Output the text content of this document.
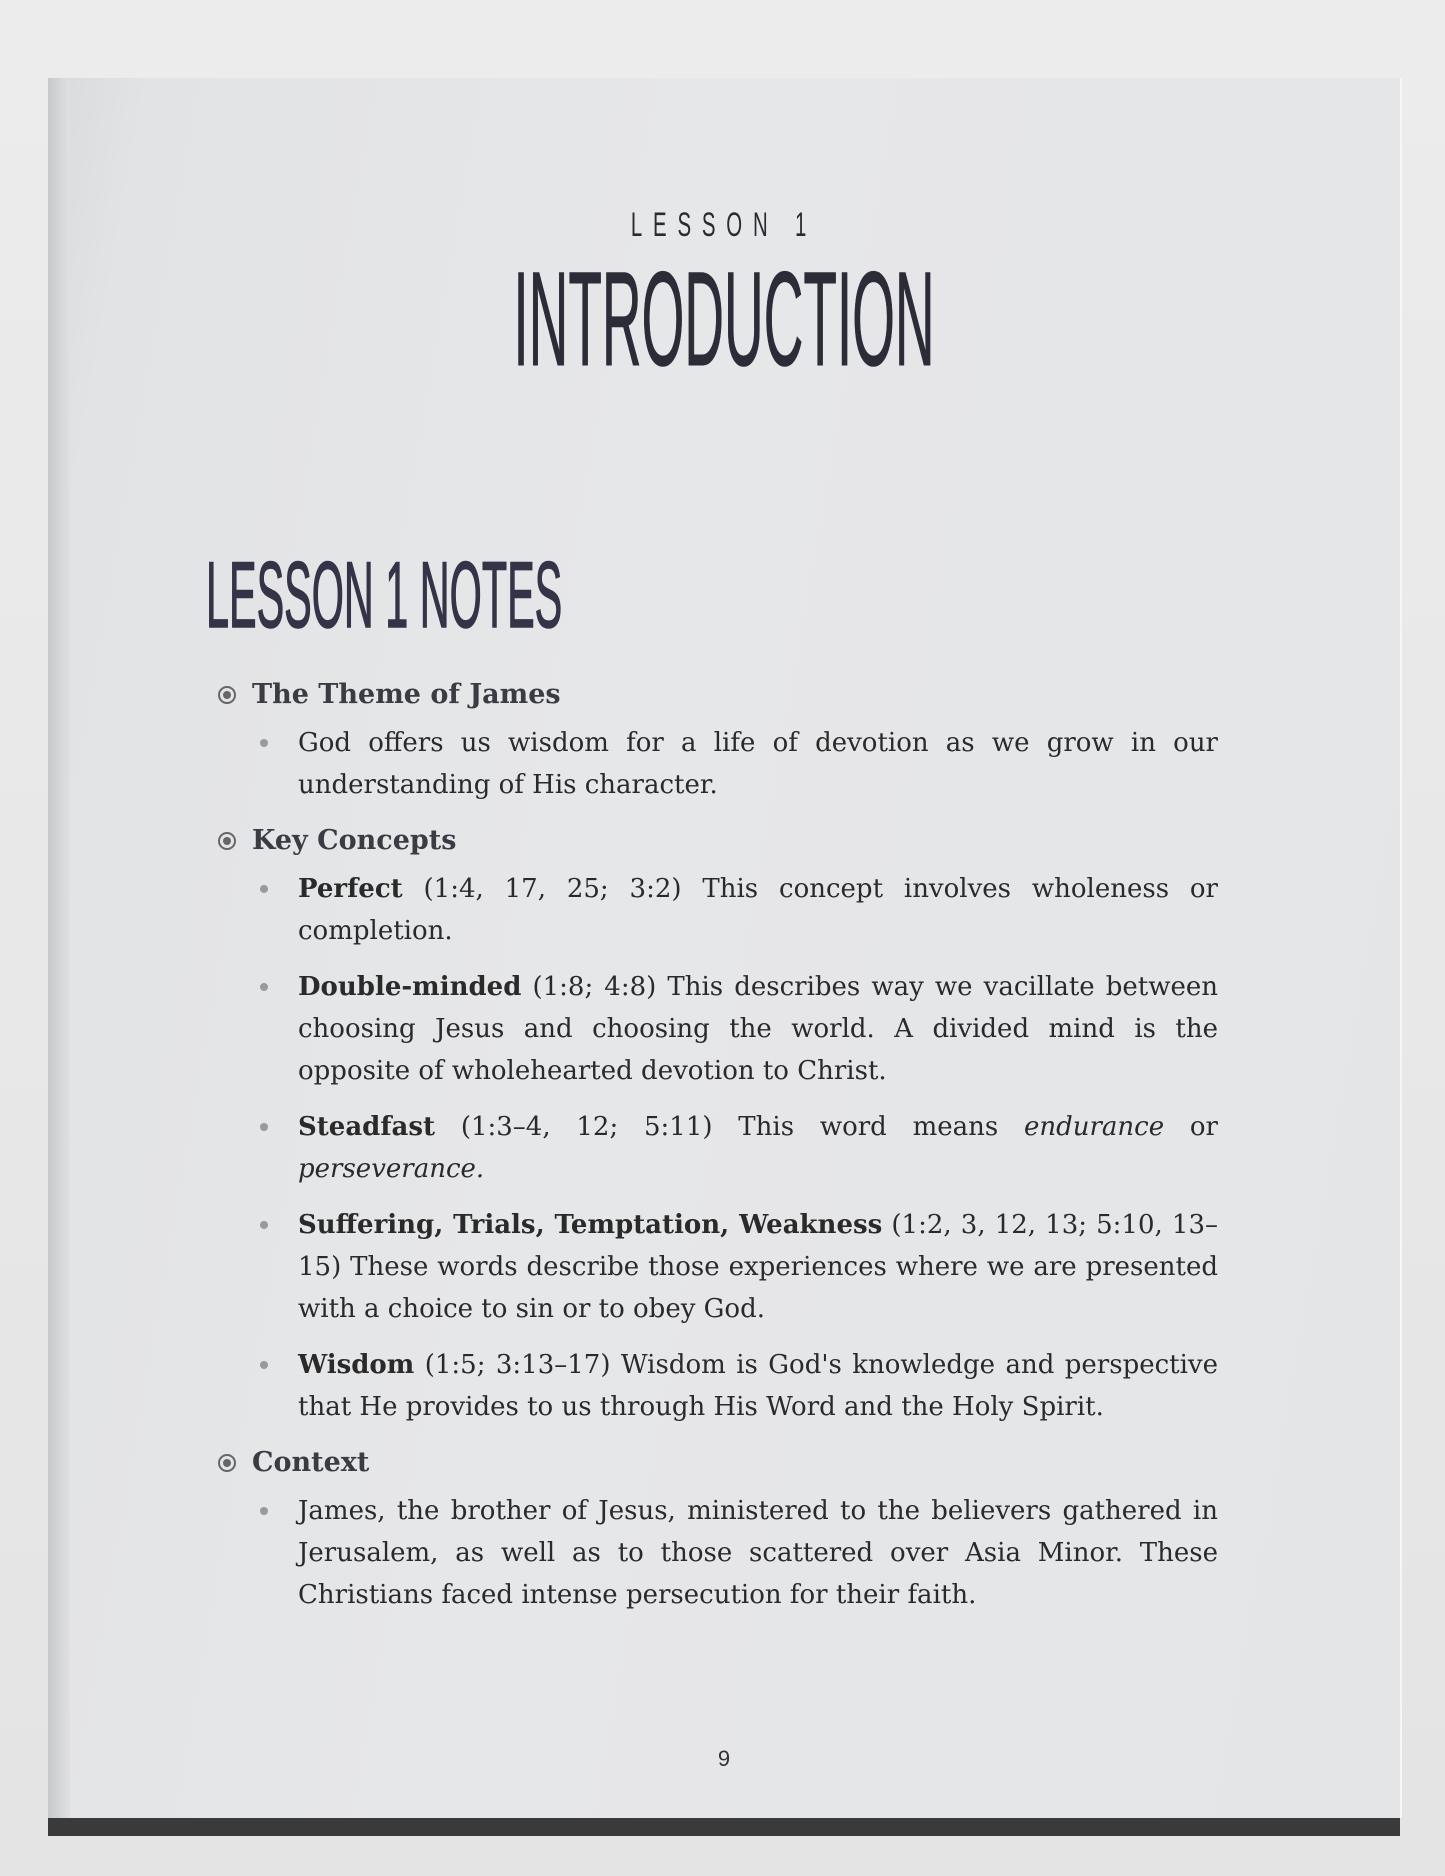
LESSON 1
INTRODUCTION
LESSON 1 NOTES
The Theme of James
God offers us wisdom for a life of devotion as we grow in our understanding of His character.
Key Concepts
Perfect (1:4, 17, 25; 3:2) This concept involves wholeness or completion.
Double-minded (1:8; 4:8) This describes way we vacillate between choosing Jesus and choosing the world. A divided mind is the opposite of wholehearted devotion to Christ.
Steadfast (1:3–4, 12; 5:11) This word means endurance or perseverance.
Suffering, Trials, Temptation, Weakness (1:2, 3, 12, 13; 5:10, 13–15) These words describe those experiences where we are presented with a choice to sin or to obey God.
Wisdom (1:5; 3:13–17) Wisdom is God's knowledge and perspective that He provides to us through His Word and the Holy Spirit.
Context
James, the brother of Jesus, ministered to the believers gathered in Jerusalem, as well as to those scattered over Asia Minor. These Christians faced intense persecution for their faith.
9
